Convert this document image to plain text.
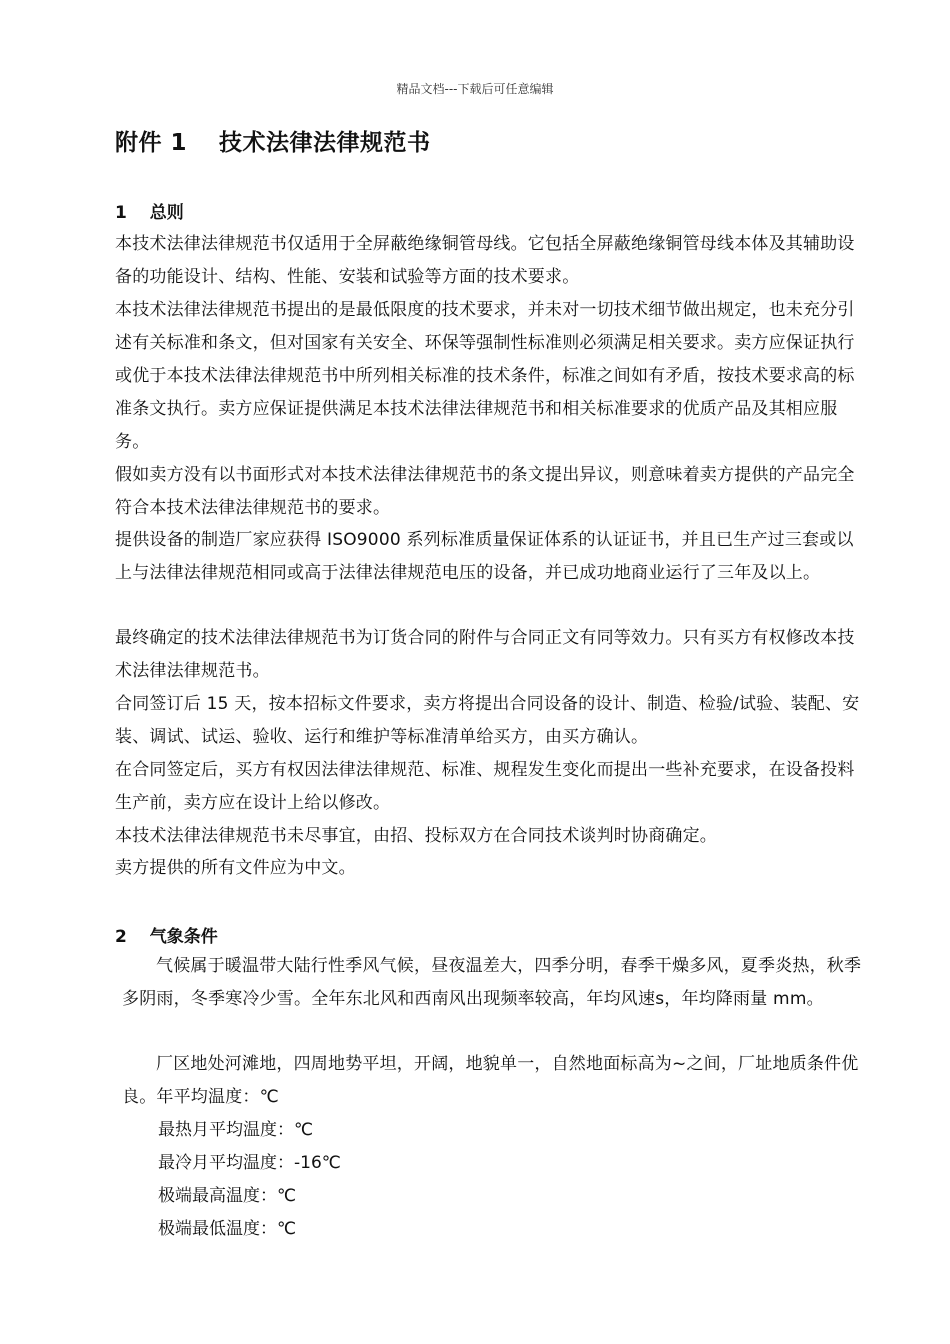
精品文档---下载后可任意编辑
附件 1　 技术法律法律规范书
1　 总则
本技术法律法律规范书仅适用于全屏蔽绝缘铜管母线。它包括全屏蔽绝缘铜管母线本体及其辅助设备的功能设计、结构、性能、安装和试验等方面的技术要求。
本技术法律法律规范书提出的是最低限度的技术要求，并未对一切技术细节做出规定，也未充分引述有关标准和条文，但对国家有关安全、环保等强制性标准则必须满足相关要求。卖方应保证执行或优于本技术法律法律规范书中所列相关标准的技术条件，标准之间如有矛盾，按技术要求高的标准条文执行。卖方应保证提供满足本技术法律法律规范书和相关标准要求的优质产品及其相应服务。
假如卖方没有以书面形式对本技术法律法律规范书的条文提出异议，则意味着卖方提供的产品完全符合本技术法律法律规范书的要求。
提供设备的制造厂家应获得 ISO9000 系列标准质量保证体系的认证证书，并且已生产过三套或以上与法律法律规范相同或高于法律法律规范电压的设备，并已成功地商业运行了三年及以上。
最终确定的技术法律法律规范书为订货合同的附件与合同正文有同等效力。只有买方有权修改本技术法律法律规范书。
合同签订后 15 天，按本招标文件要求，卖方将提出合同设备的设计、制造、检验/试验、装配、安装、调试、试运、验收、运行和维护等标准清单给买方，由买方确认。
在合同签定后，买方有权因法律法律规范、标准、规程发生变化而提出一些补充要求，在设备投料生产前，卖方应在设计上给以修改。
本技术法律法律规范书未尽事宜，由招、投标双方在合同技术谈判时协商确定。
卖方提供的所有文件应为中文。
2　 气象条件
气候属于暖温带大陆行性季风气候，昼夜温差大，四季分明，春季干燥多风，夏季炎热，秋季多阴雨，冬季寒冷少雪。全年东北风和西南风出现频率较高，年均风速s，年均降雨量 mm。
厂区地处河滩地，四周地势平坦，开阔，地貌单一，自然地面标高为~之间，厂址地质条件优良。年平均温度：℃
最热月平均温度：℃
最冷月平均温度：-16℃
极端最高温度：℃
极端最低温度：℃
